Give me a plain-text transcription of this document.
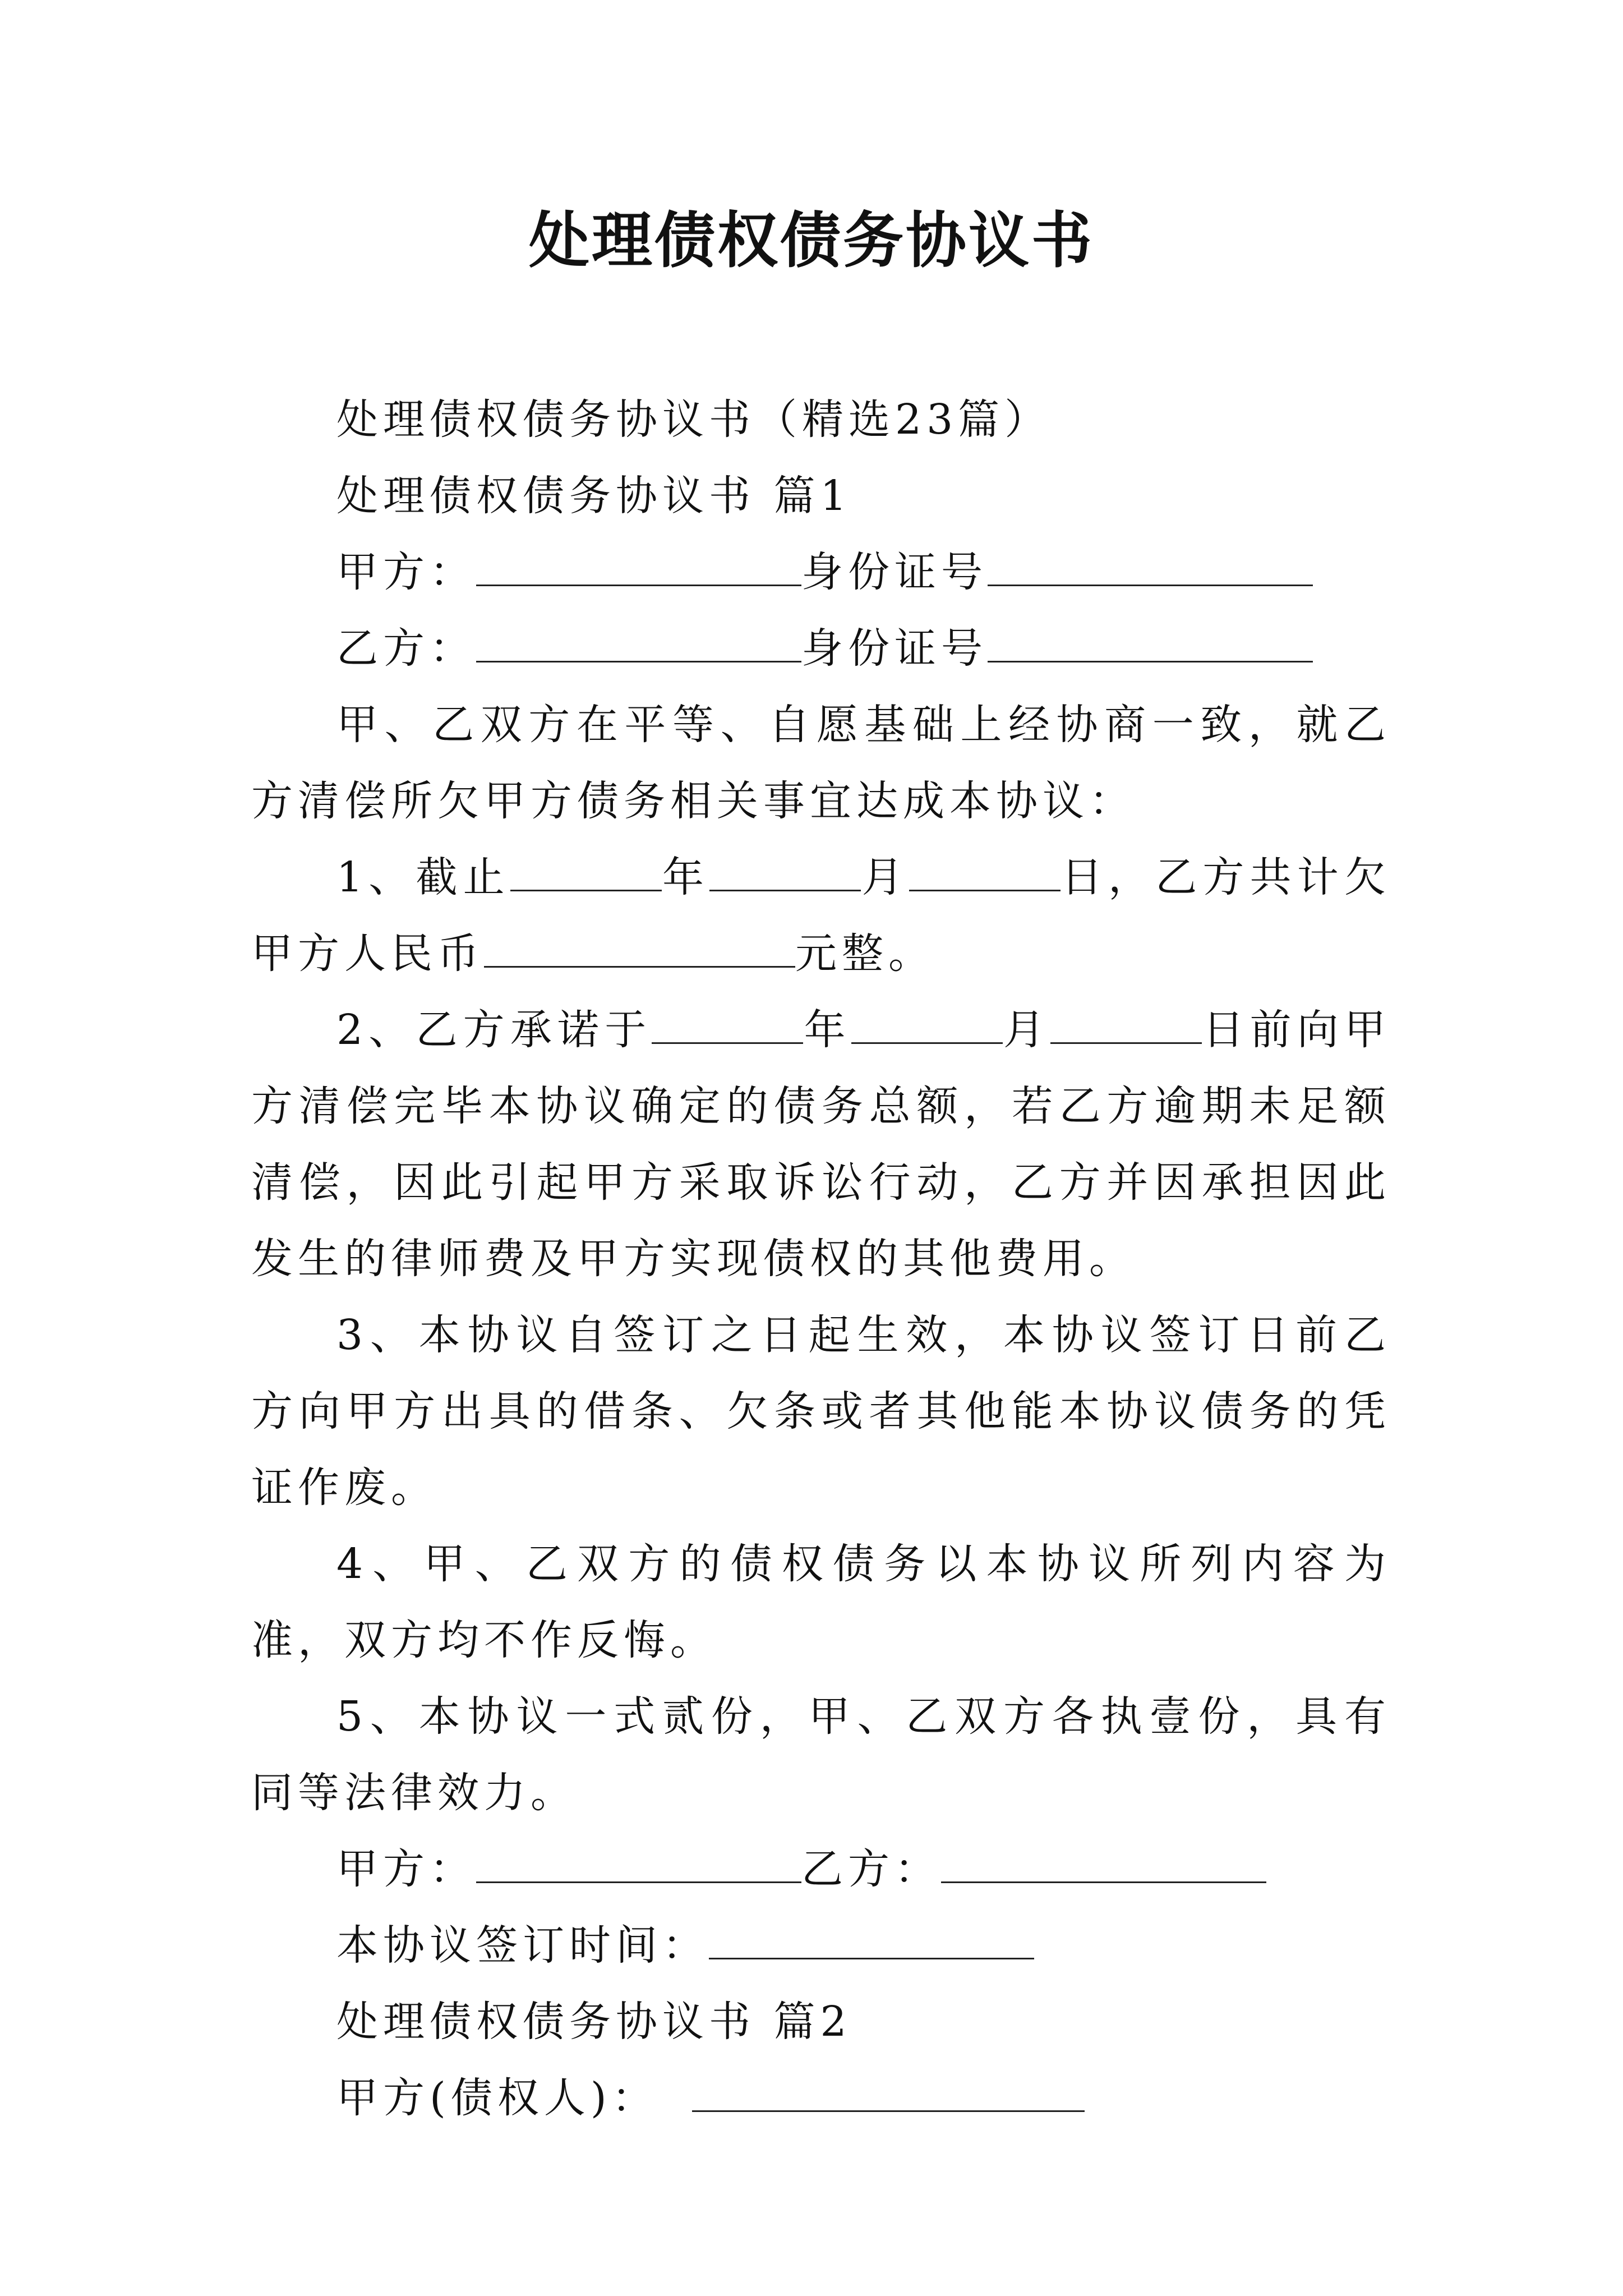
处理债权债务协议书

处理债权债务协议书（精选23篇）

处理债权债务协议书 篇1

甲方：	身份证号

乙方：	身份证号

甲、乙双方在平等、自愿基础上经协商一致，就乙方清偿所欠甲方债务相关事宜达成本协议：

1、截止	年	月	日，乙方共计欠甲方人民币	元整。

2、乙方承诺于	年	月	日前向甲方清偿完毕本协议确定的债务总额，若乙方逾期未足额清偿，因此引起甲方采取诉讼行动，乙方并因承担因此发生的律师费及甲方实现债权的其他费用。

3、本协议自签订之日起生效，本协议签订日前乙方向甲方出具的借条、欠条或者其他能本协议债务的凭证作废。

4、甲、乙双方的债权债务以本协议所列内容为准，双方均不作反悔。

5、本协议一式贰份，甲、乙双方各执壹份，具有同等法律效力。

甲方：	乙方：

本协议签订时间：

处理债权债务协议书 篇2

甲方(债权人)：
